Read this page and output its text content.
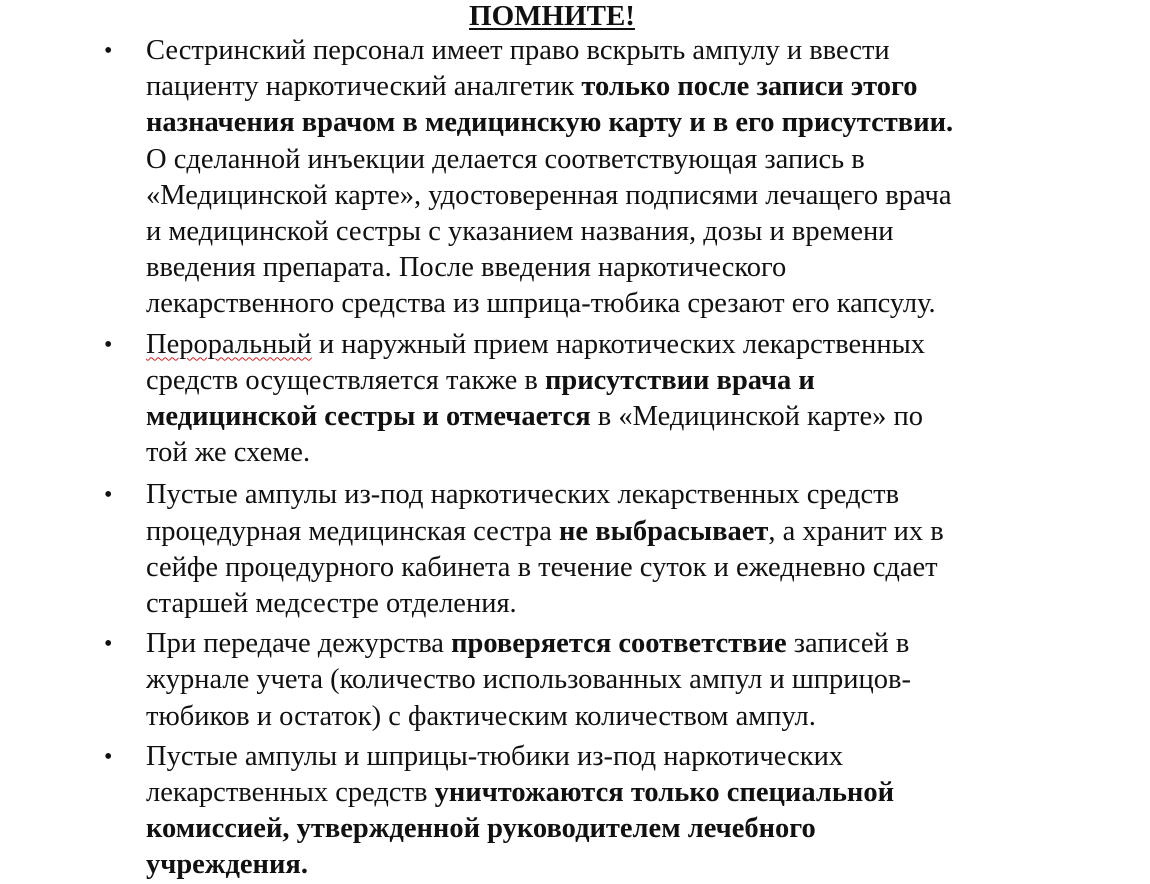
ПОМНИТЕ!
• Сестринский персонал имеет право вскрыть ампулу и ввести
пациенту наркотический аналгетик только после записи этого
назначения врачом в медицинскую карту и в его присутствии.
О сделанной инъекции делается соответствующая запись в
«Медицинской карте», удостоверенная подписями лечащего врача
и медицинской сестры с указанием названия, дозы и времени
введения препарата. После введения наркотического
лекарственного средства из шприца-тюбика срезают его капсулу.
• Пероральный и наружный прием наркотических лекарственных
средств осуществляется также в присутствии врача и
медицинской сестры и отмечается в «Медицинской карте» по
той же схеме.
• Пустые ампулы из-под наркотических лекарственных средств
процедурная медицинская сестра не выбрасывает, а хранит их в
сейфе процедурного кабинета в течение суток и ежедневно сдает
старшей медсестре отделения.
• При передаче дежурства проверяется соответствие записей в
журнале учета (количество использованных ампул и шприцов-
тюбиков и остаток) с фактическим количеством ампул.
• Пустые ампулы и шприцы-тюбики из-под наркотических
лекарственных средств уничтожаются только специальной
комиссией, утвержденной руководителем лечебного
учреждения.
